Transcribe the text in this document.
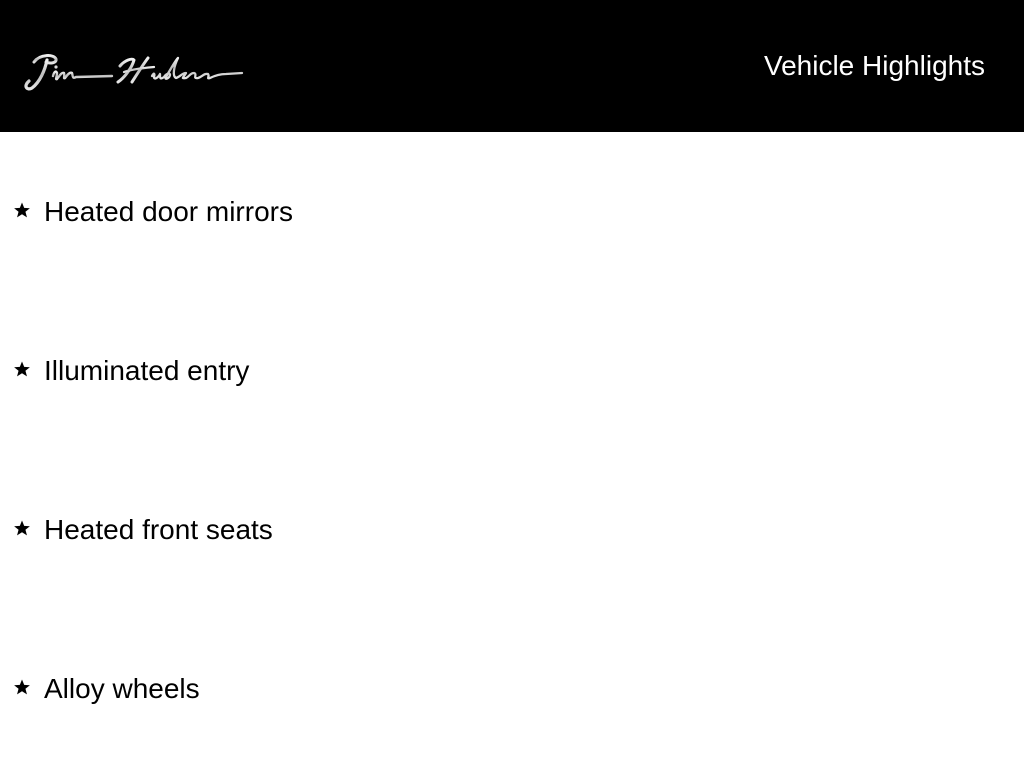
Vehicle Highlights
Heated door mirrors
Illuminated entry
Heated front seats
Alloy wheels
